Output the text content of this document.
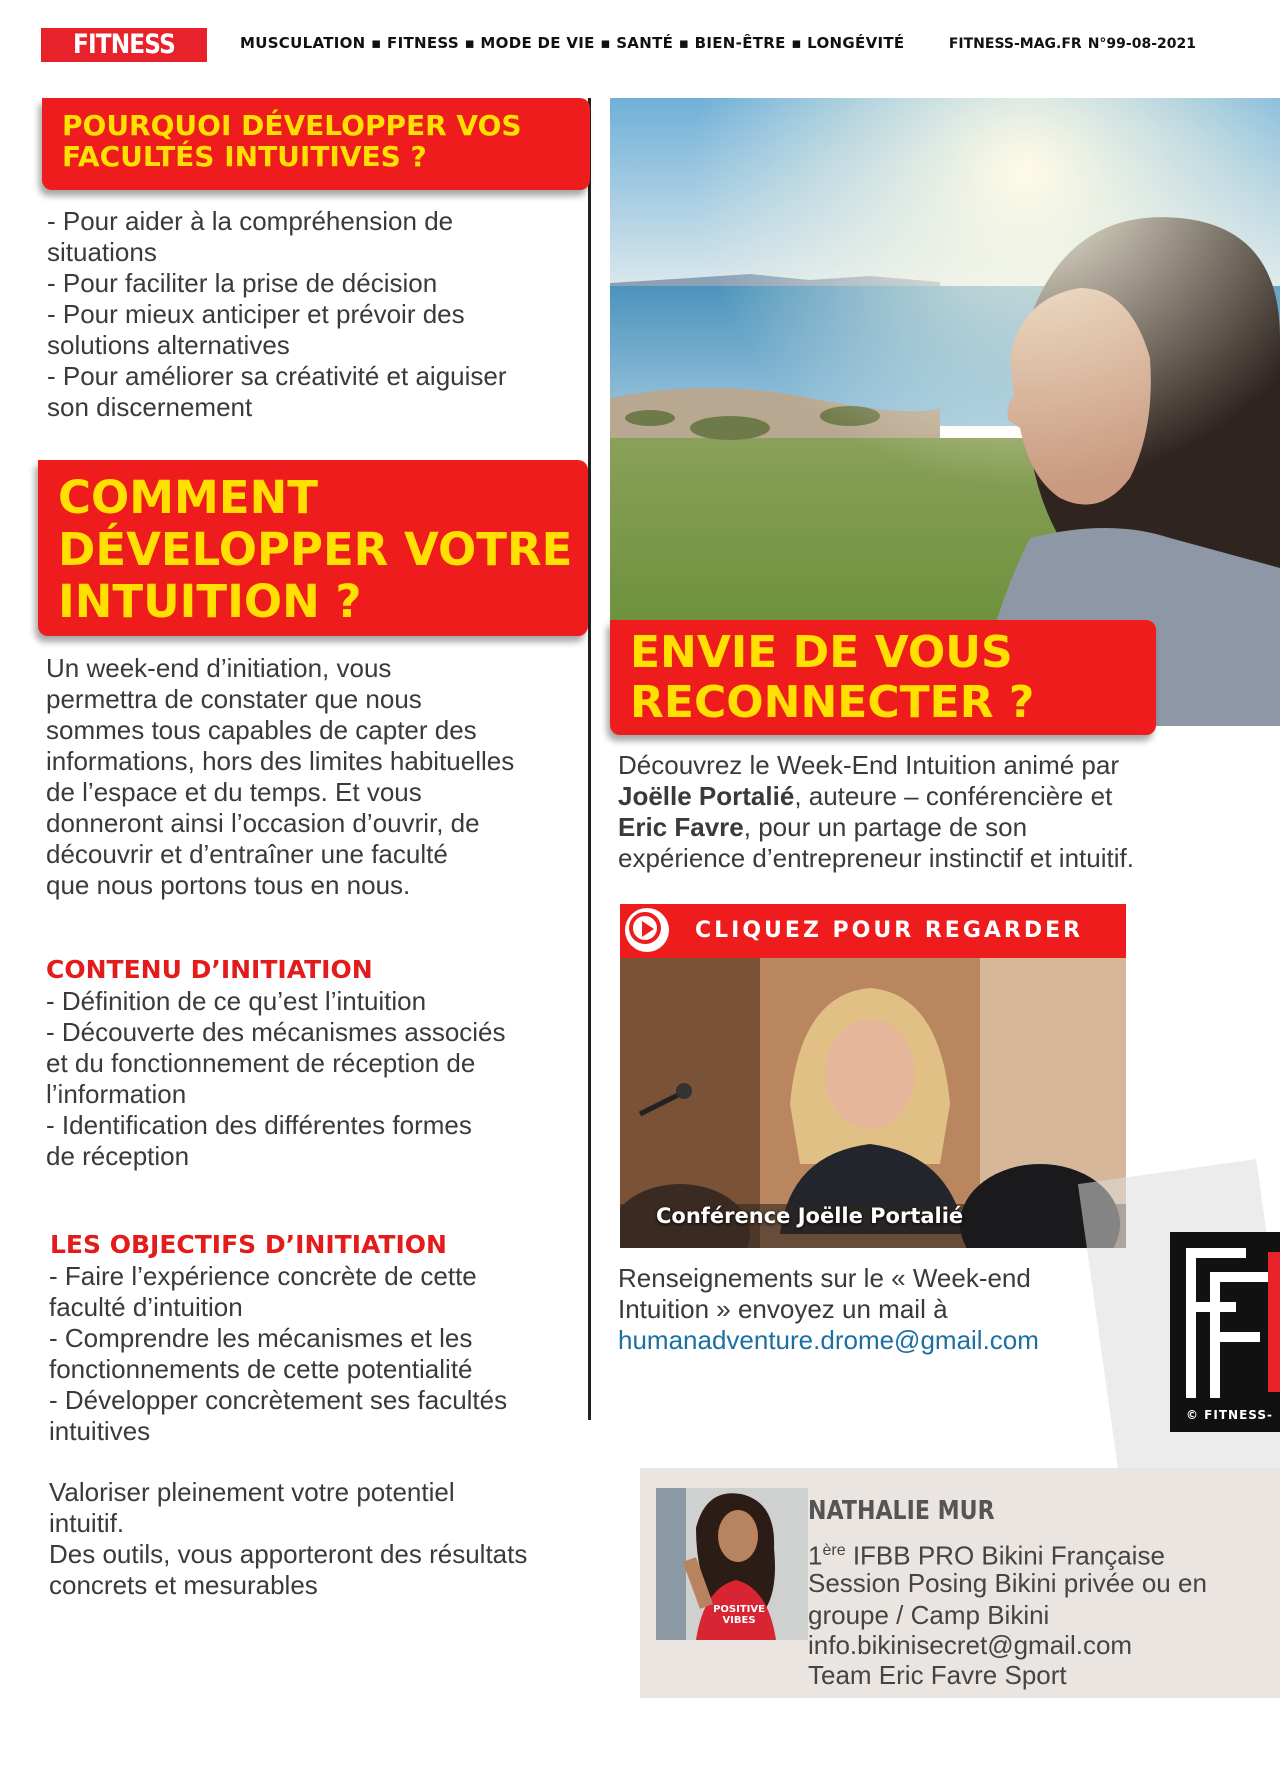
FITNESS MAG
MUSCULATION ▪ FITNESS ▪ MODE DE VIE ▪ SANTÉ ▪ BIEN-ÊTRE ▪ LONGÉVITÉ	FITNESS-MAG.FR N°99-08-2021
POURQUOI DÉVELOPPER VOS
FACULTÉS INTUITIVES ?
- Pour aider à la compréhension de
situations
- Pour faciliter la prise de décision
- Pour mieux anticiper et prévoir des
solutions alternatives
- Pour améliorer sa créativité et aiguiser
son discernement
COMMENT
DÉVELOPPER VOTRE
INTUITION ?
Un week-end d’initiation, vous
permettra de constater que nous
sommes tous capables de capter des
informations, hors des limites habituelles
de l’espace et du temps. Et vous
donneront ainsi l’occasion d’ouvrir, de
découvrir et d’entraîner une faculté
que nous portons tous en nous.
CONTENU D’INITIATION
- Définition de ce qu’est l’intuition
- Découverte des mécanismes associés
et du fonctionnement de réception de
l’information
- Identification des différentes formes
de réception
LES OBJECTIFS D’INITIATION
- Faire l’expérience concrète de cette
faculté d’intuition
- Comprendre les mécanismes et les
fonctionnements de cette potentialité
- Développer concrètement ses facultés
intuitives
Valoriser pleinement votre potentiel
intuitif.
Des outils, vous apporteront des résultats
concrets et mesurables
ENVIE DE VOUS
RECONNECTER ?
Découvrez le Week-End Intuition animé par
Joëlle Portalié, auteure – conférencière et
Eric Favre, pour un partage de son
expérience d’entrepreneur instinctif et intuitif.
CLIQUEZ POUR REGARDER
Conférence Joëlle Portalié
Renseignements sur le « Week-end
Intuition » envoyez un mail à
humanadventure.drome@gmail.com
© FITNESS-
POSITIVE VIBES
NATHALIE MUR
1ère IFBB PRO Bikini Française
Session Posing Bikini privée ou en
groupe / Camp Bikini
info.bikinisecret@gmail.com
Team Eric Favre Sport
